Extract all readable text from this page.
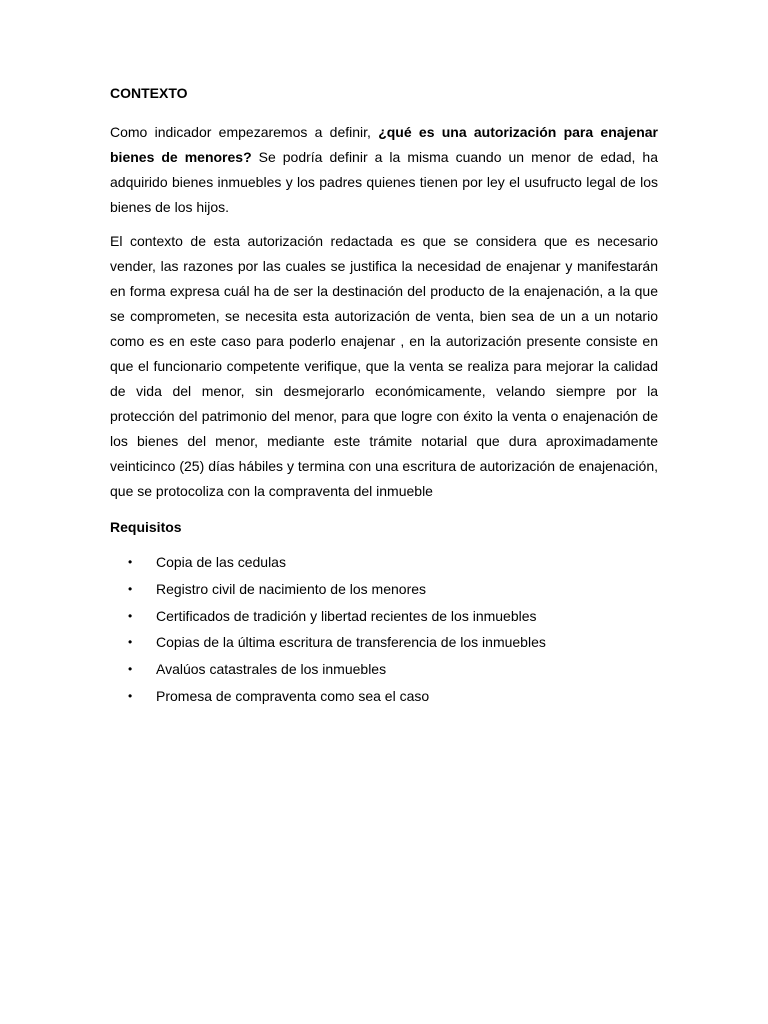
CONTEXTO

Como indicador empezaremos a definir, ¿qué es una autorización para enajenar bienes de menores? Se podría definir a la misma cuando un menor de edad, ha adquirido bienes inmuebles y los padres quienes tienen por ley el usufructo legal de los bienes de los hijos.

El contexto de esta autorización redactada es que se considera que es necesario vender, las razones por las cuales se justifica la necesidad de enajenar y manifestarán en forma expresa cuál ha de ser la destinación del producto de la enajenación, a la que se comprometen, se necesita esta autorización de venta, bien sea de un a un notario como es en este caso para poderlo enajenar , en la autorización presente consiste en que el funcionario competente verifique, que la venta se realiza para mejorar la calidad de vida del menor, sin desmejorarlo económicamente, velando siempre por la protección del patrimonio del menor, para que logre con éxito la venta o enajenación de los bienes del menor, mediante este trámite notarial que dura aproximadamente veinticinco (25) días hábiles y termina con una escritura de autorización de enajenación, que se protocoliza con la compraventa del inmueble

Requisitos
• Copia de las cedulas
• Registro civil de nacimiento de los menores
• Certificados de tradición y libertad recientes de los inmuebles
• Copias de la última escritura de transferencia de los inmuebles
• Avalúos catastrales de los inmuebles
• Promesa de compraventa como sea el caso
